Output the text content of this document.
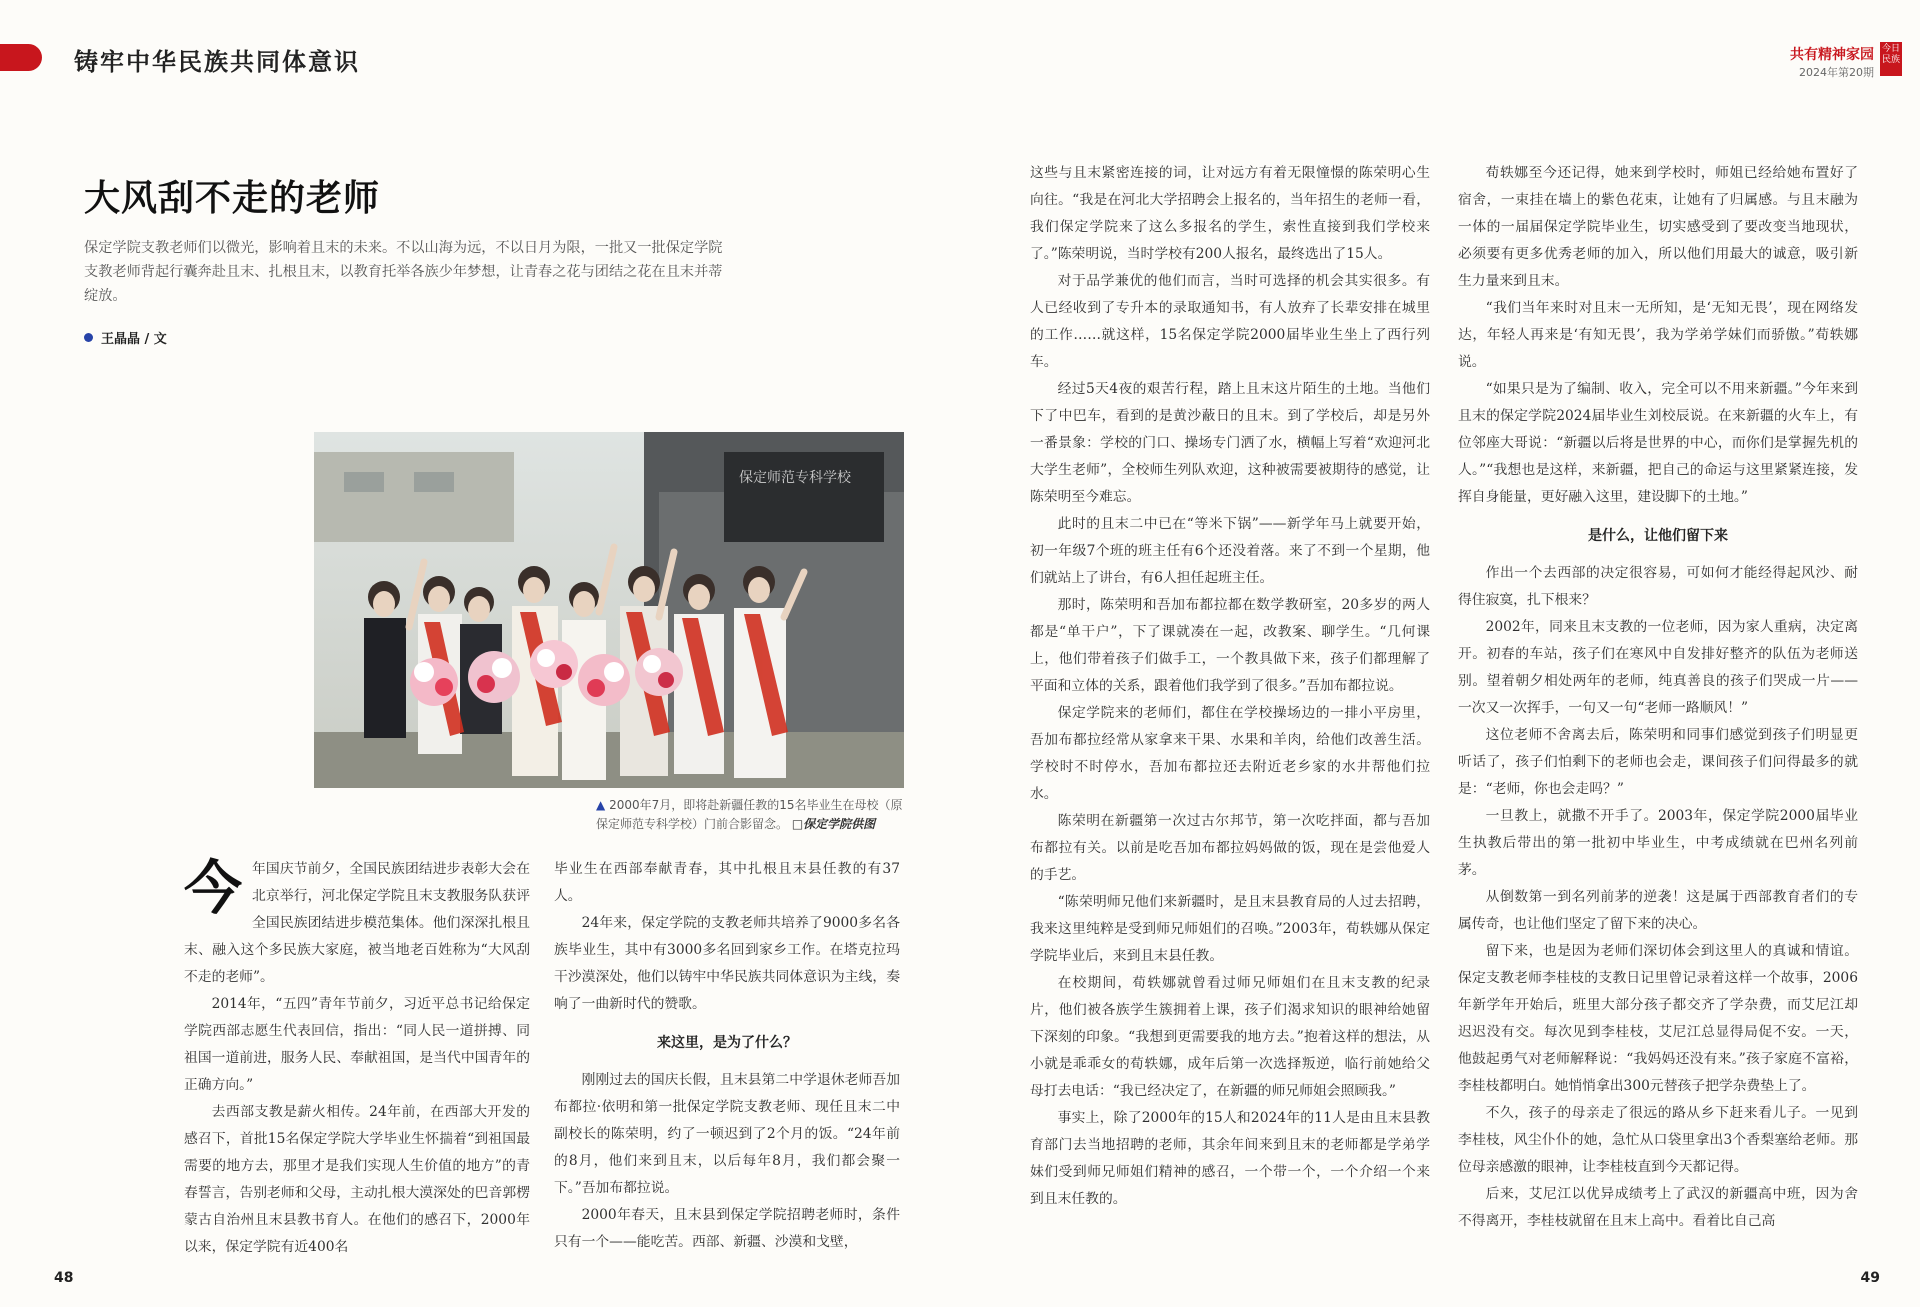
铸牢中华民族共同体意识	共有精神家园
2024年第20期
今日民族
大风刮不走的老师
保定学院支教老师们以微光，影响着且末的未来。不以山海为远，不以日月为限，一批又一批保定学院支教老师背起行囊奔赴且末、扎根且末，以教育托举各族少年梦想，让青春之花与团结之花在且末并蒂绽放。
王晶晶 / 文
保定师范专科学校
▲ 2000年7月，即将赴新疆任教的15名毕业生在母校（原保定师范专科学校）门前合影留念。 □保定学院供图

今年国庆节前夕，全国民族团结进步表彰大会在北京举行，河北保定学院且末支教服务队获评全国民族团结进步模范集体。他们深深扎根且末、融入这个多民族大家庭，被当地老百姓称为“大风刮不走的老师”。

2014年，“五四”青年节前夕，习近平总书记给保定学院西部志愿生代表回信，指出：“同人民一道拼搏、同祖国一道前进，服务人民、奉献祖国，是当代中国青年的正确方向。”

去西部支教是薪火相传。24年前，在西部大开发的感召下，首批15名保定学院大学毕业生怀揣着“到祖国最需要的地方去，那里才是我们实现人生价值的地方”的青春誓言，告别老师和父母，主动扎根大漠深处的巴音郭楞蒙古自治州且末县教书育人。在他们的感召下，2000年以来，保定学院有近400名

毕业生在西部奉献青春，其中扎根且末县任教的有37人。

24年来，保定学院的支教老师共培养了9000多名各族毕业生，其中有3000多名回到家乡工作。在塔克拉玛干沙漠深处，他们以铸牢中华民族共同体意识为主线，奏响了一曲新时代的赞歌。

来这里，是为了什么？

刚刚过去的国庆长假，且末县第二中学退休老师吾加布都拉·依明和第一批保定学院支教老师、现任且末二中副校长的陈荣明，约了一顿迟到了2个月的饭。“24年前的8月，他们来到且末，以后每年8月，我们都会聚一下。”吾加布都拉说。

2000年春天，且末县到保定学院招聘老师时，条件只有一个——能吃苦。西部、新疆、沙漠和戈壁，

这些与且末紧密连接的词，让对远方有着无限憧憬的陈荣明心生向往。“我是在河北大学招聘会上报名的，当年招生的老师一看，我们保定学院来了这么多报名的学生，索性直接到我们学校来了。”陈荣明说，当时学校有200人报名，最终选出了15人。

对于品学兼优的他们而言，当时可选择的机会其实很多。有人已经收到了专升本的录取通知书，有人放弃了长辈安排在城里的工作……就这样，15名保定学院2000届毕业生坐上了西行列车。

经过5天4夜的艰苦行程，踏上且末这片陌生的土地。当他们下了中巴车，看到的是黄沙蔽日的且末。到了学校后，却是另外一番景象：学校的门口、操场专门洒了水，横幅上写着“欢迎河北大学生老师”，全校师生列队欢迎，这种被需要被期待的感觉，让陈荣明至今难忘。

此时的且末二中已在“等米下锅”——新学年马上就要开始，初一年级7个班的班主任有6个还没着落。来了不到一个星期，他们就站上了讲台，有6人担任起班主任。

那时，陈荣明和吾加布都拉都在数学教研室，20多岁的两人都是“单干户”，下了课就凑在一起，改教案、聊学生。“几何课上，他们带着孩子们做手工，一个教具做下来，孩子们都理解了平面和立体的关系，跟着他们我学到了很多。”吾加布都拉说。

保定学院来的老师们，都住在学校操场边的一排小平房里，吾加布都拉经常从家拿来干果、水果和羊肉，给他们改善生活。学校时不时停水，吾加布都拉还去附近老乡家的水井帮他们拉水。

陈荣明在新疆第一次过古尔邦节，第一次吃拌面，都与吾加布都拉有关。以前是吃吾加布都拉妈妈做的饭，现在是尝他爱人的手艺。

“陈荣明师兄他们来新疆时，是且末县教育局的人过去招聘，我来这里纯粹是受到师兄师姐们的召唤。”2003年，荀轶娜从保定学院毕业后，来到且末县任教。

在校期间，荀轶娜就曾看过师兄师姐们在且末支教的纪录片，他们被各族学生簇拥着上课，孩子们渴求知识的眼神给她留下深刻的印象。“我想到更需要我的地方去。”抱着这样的想法，从小就是乖乖女的荀轶娜，成年后第一次选择叛逆，临行前她给父母打去电话：“我已经决定了，在新疆的师兄师姐会照顾我。”

事实上，除了2000年的15人和2024年的11人是由且末县教育部门去当地招聘的老师，其余年间来到且末的老师都是学弟学妹们受到师兄师姐们精神的感召，一个带一个，一个介绍一个来到且末任教的。

荀轶娜至今还记得，她来到学校时，师姐已经给她布置好了宿舍，一束挂在墙上的紫色花束，让她有了归属感。与且末融为一体的一届届保定学院毕业生，切实感受到了要改变当地现状，必须要有更多优秀老师的加入，所以他们用最大的诚意，吸引新生力量来到且末。

“我们当年来时对且末一无所知，是‘无知无畏’，现在网络发达，年轻人再来是‘有知无畏’，我为学弟学妹们而骄傲。”荀轶娜说。

“如果只是为了编制、收入，完全可以不用来新疆。”今年来到且末的保定学院2024届毕业生刘校辰说。在来新疆的火车上，有位邻座大哥说：“新疆以后将是世界的中心，而你们是掌握先机的人。”“我想也是这样，来新疆，把自己的命运与这里紧紧连接，发挥自身能量，更好融入这里，建设脚下的土地。”

是什么，让他们留下来

作出一个去西部的决定很容易，可如何才能经得起风沙、耐得住寂寞，扎下根来？

2002年，同来且末支教的一位老师，因为家人重病，决定离开。初春的车站，孩子们在寒风中自发排好整齐的队伍为老师送别。望着朝夕相处两年的老师，纯真善良的孩子们哭成一片——一次又一次挥手，一句又一句“老师一路顺风！”

这位老师不舍离去后，陈荣明和同事们感觉到孩子们明显更听话了，孩子们怕剩下的老师也会走，课间孩子们问得最多的就是：“老师，你也会走吗？”

一旦教上，就撒不开手了。2003年，保定学院2000届毕业生执教后带出的第一批初中毕业生，中考成绩就在巴州名列前茅。

从倒数第一到名列前茅的逆袭！这是属于西部教育者们的专属传奇，也让他们坚定了留下来的决心。

留下来，也是因为老师们深切体会到这里人的真诚和情谊。保定支教老师李桂枝的支教日记里曾记录着这样一个故事，2006年新学年开始后，班里大部分孩子都交齐了学杂费，而艾尼江却迟迟没有交。每次见到李桂枝，艾尼江总显得局促不安。一天，他鼓起勇气对老师解释说：“我妈妈还没有来。”孩子家庭不富裕，李桂枝都明白。她悄悄拿出300元替孩子把学杂费垫上了。

不久，孩子的母亲走了很远的路从乡下赶来看儿子。一见到李桂枝，风尘仆仆的她，急忙从口袋里拿出3个香梨塞给老师。那位母亲感激的眼神，让李桂枝直到今天都记得。

后来，艾尼江以优异成绩考上了武汉的新疆高中班，因为舍不得离开，李桂枝就留在且末上高中。看着比自己高

48	49
